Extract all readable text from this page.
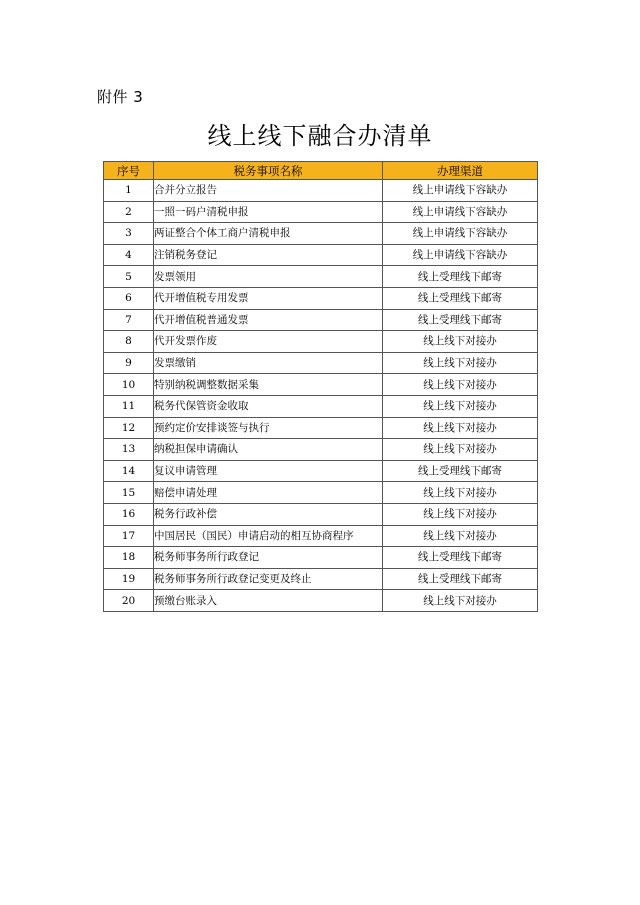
附件 3
线上线下融合办清单
序号	税务事项名称	办理渠道
1	合并分立报告	线上申请线下容缺办
2	一照一码户清税申报	线上申请线下容缺办
3	两证整合个体工商户清税申报	线上申请线下容缺办
4	注销税务登记	线上申请线下容缺办
5	发票领用	线上受理线下邮寄
6	代开增值税专用发票	线上受理线下邮寄
7	代开增值税普通发票	线上受理线下邮寄
8	代开发票作废	线上线下对接办
9	发票缴销	线上线下对接办
10	特别纳税调整数据采集	线上线下对接办
11	税务代保管资金收取	线上线下对接办
12	预约定价安排谈签与执行	线上线下对接办
13	纳税担保申请确认	线上线下对接办
14	复议申请管理	线上受理线下邮寄
15	赔偿申请处理	线上线下对接办
16	税务行政补偿	线上线下对接办
17	中国居民（国民）申请启动的相互协商程序	线上线下对接办
18	税务师事务所行政登记	线上受理线下邮寄
19	税务师事务所行政登记变更及终止	线上受理线下邮寄
20	预缴台账录入	线上线下对接办
